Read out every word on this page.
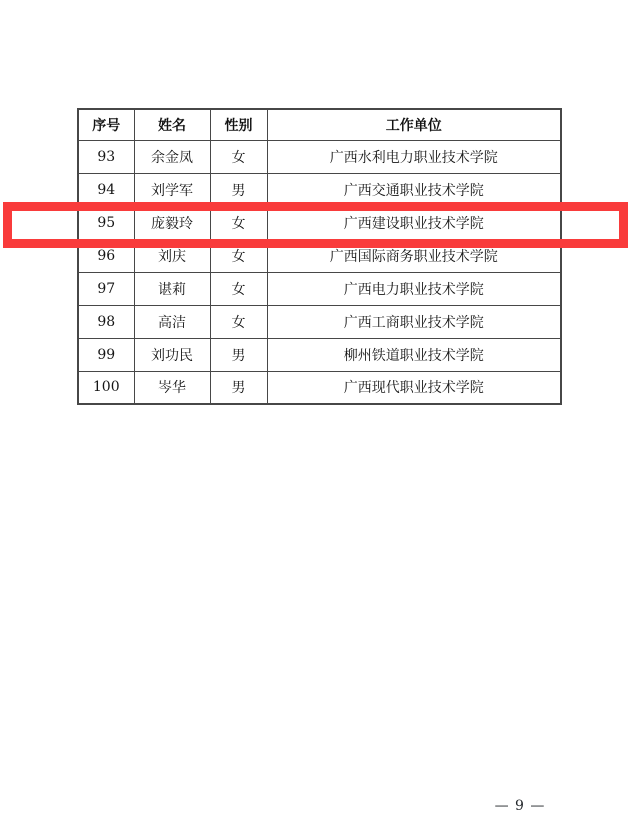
序号	姓名	性别	工作单位
93	余金凤	女	广西水利电力职业技术学院
94	刘学军	男	广西交通职业技术学院
95	庞毅玲	女	广西建设职业技术学院
96	刘庆	女	广西国际商务职业技术学院
97	谌莉	女	广西电力职业技术学院
98	高洁	女	广西工商职业技术学院
99	刘功民	男	柳州铁道职业技术学院
100	岑华	男	广西现代职业技术学院
— 9 —
